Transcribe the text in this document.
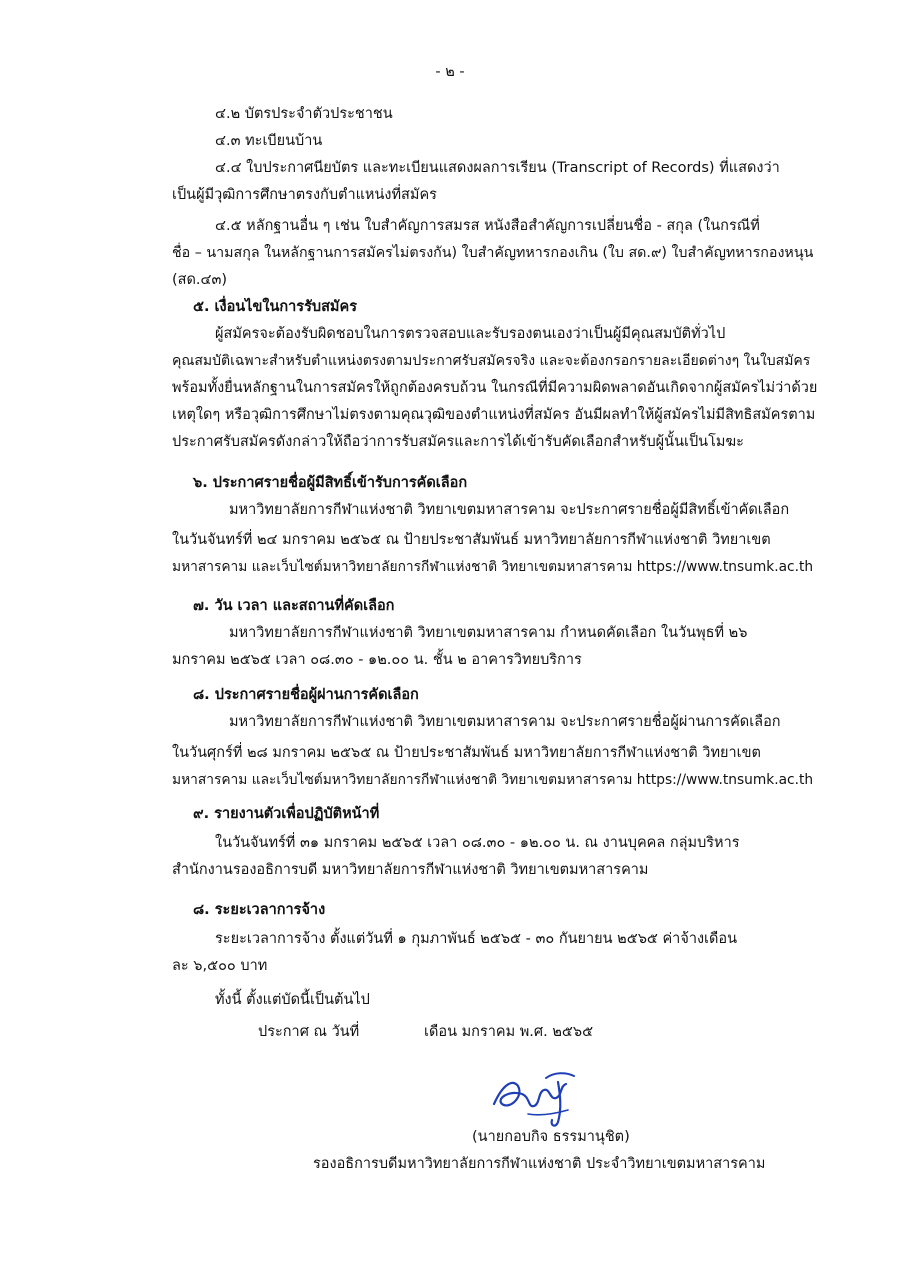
- ๒ -
๔.๒ บัตรประจำตัวประชาชน
๔.๓ ทะเบียนบ้าน
๔.๔ ใบประกาศนียบัตร และทะเบียนแสดงผลการเรียน (Transcript of Records) ที่แสดงว่า
เป็นผู้มีวุฒิการศึกษาตรงกับตำแหน่งที่สมัคร
๔.๕ หลักฐานอื่น ๆ เช่น ใบสำคัญการสมรส หนังสือสำคัญการเปลี่ยนชื่อ - สกุล (ในกรณีที่
ชื่อ – นามสกุล ในหลักฐานการสมัครไม่ตรงกัน) ใบสำคัญทหารกองเกิน (ใบ สด.๙) ใบสำคัญทหารกองหนุน
(สด.๔๓)
๕. เงื่อนไขในการรับสมัคร
ผู้สมัครจะต้องรับผิดชอบในการตรวจสอบและรับรองตนเองว่าเป็นผู้มีคุณสมบัติทั่วไป
คุณสมบัติเฉพาะสำหรับตำแหน่งตรงตามประกาศรับสมัครจริง และจะต้องกรอกรายละเอียดต่างๆ ในใบสมัคร
พร้อมทั้งยื่นหลักฐานในการสมัครให้ถูกต้องครบถ้วน ในกรณีที่มีความผิดพลาดอันเกิดจากผู้สมัครไม่ว่าด้วย
เหตุใดๆ หรือวุฒิการศึกษาไม่ตรงตามคุณวุฒิของตำแหน่งที่สมัคร อันมีผลทำให้ผู้สมัครไม่มีสิทธิสมัครตาม
ประกาศรับสมัครดังกล่าวให้ถือว่าการรับสมัครและการได้เข้ารับคัดเลือกสำหรับผู้นั้นเป็นโมฆะ
๖. ประกาศรายชื่อผู้มีสิทธิ์เข้ารับการคัดเลือก
มหาวิทยาลัยการกีฬาแห่งชาติ วิทยาเขตมหาสารคาม จะประกาศรายชื่อผู้มีสิทธิ์เข้าคัดเลือก
ในวันจันทร์ที่ ๒๔ มกราคม ๒๕๖๕ ณ ป้ายประชาสัมพันธ์ มหาวิทยาลัยการกีฬาแห่งชาติ วิทยาเขต
มหาสารคาม และเว็บไซต์มหาวิทยาลัยการกีฬาแห่งชาติ วิทยาเขตมหาสารคาม https://www.tnsumk.ac.th
๗. วัน เวลา และสถานที่คัดเลือก
มหาวิทยาลัยการกีฬาแห่งชาติ วิทยาเขตมหาสารคาม กำหนดคัดเลือก ในวันพุธที่ ๒๖
มกราคม ๒๕๖๕ เวลา ๐๘.๓๐ - ๑๒.๐๐ น. ชั้น ๒ อาคารวิทยบริการ
๘. ประกาศรายชื่อผู้ผ่านการคัดเลือก
มหาวิทยาลัยการกีฬาแห่งชาติ วิทยาเขตมหาสารคาม จะประกาศรายชื่อผู้ผ่านการคัดเลือก
ในวันศุกร์ที่ ๒๘ มกราคม ๒๕๖๕ ณ ป้ายประชาสัมพันธ์ มหาวิทยาลัยการกีฬาแห่งชาติ วิทยาเขต
มหาสารคาม และเว็บไซต์มหาวิทยาลัยการกีฬาแห่งชาติ วิทยาเขตมหาสารคาม https://www.tnsumk.ac.th
๙. รายงานตัวเพื่อปฏิบัติหน้าที่
ในวันจันทร์ที่ ๓๑ มกราคม ๒๕๖๕ เวลา ๐๘.๓๐ - ๑๒.๐๐ น. ณ งานบุคคล กลุ่มบริหาร
สำนักงานรองอธิการบดี มหาวิทยาลัยการกีฬาแห่งชาติ วิทยาเขตมหาสารคาม
๘. ระยะเวลาการจ้าง
ระยะเวลาการจ้าง ตั้งแต่วันที่ ๑ กุมภาพันธ์ ๒๕๖๕ - ๓๐ กันยายน ๒๕๖๕ ค่าจ้างเดือน
ละ ๖,๕๐๐ บาท
ทั้งนี้ ตั้งแต่บัดนี้เป็นต้นไป
ประกาศ ณ วันที่	เดือน มกราคม พ.ศ. ๒๕๖๕
(นายกอบกิจ ธรรมานุชิต)
รองอธิการบดีมหาวิทยาลัยการกีฬาแห่งชาติ ประจำวิทยาเขตมหาสารคาม
